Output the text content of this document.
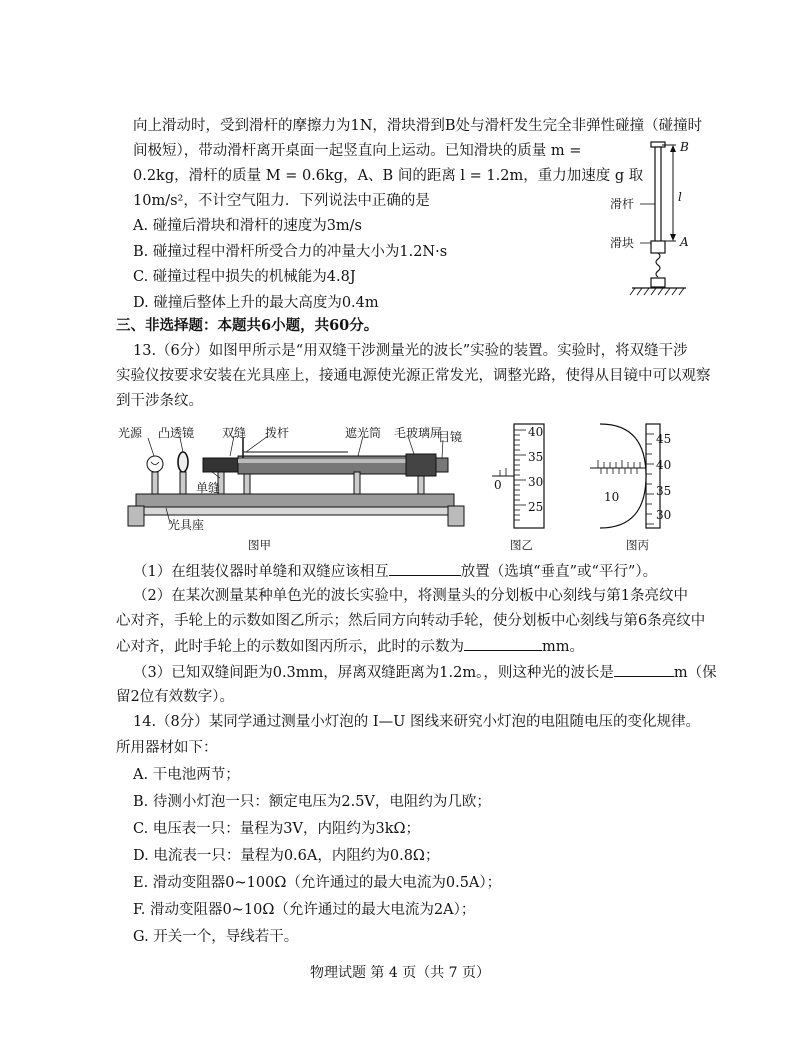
向上滑动时，受到滑杆的摩擦力为1N，滑块滑到B处与滑杆发生完全非弹性碰撞（碰撞时
间极短），带动滑杆离开桌面一起竖直向上运动。已知滑块的质量 m =
0.2kg，滑杆的质量 M = 0.6kg，A、B 间的距离 l = 1.2m，重力加速度 g 取
10m/s²，不计空气阻力．下列说法中正确的是
A. 碰撞后滑块和滑杆的速度为3m/s
B. 碰撞过程中滑杆所受合力的冲量大小为1.2N·s
C. 碰撞过程中损失的机械能为4.8J
D. 碰撞后整体上升的最大高度为0.4m
B
A
l
滑杆
滑块
三、非选择题：本题共6小题，共60分。
13.（6分）如图甲所示是“用双缝干涉测量光的波长”实验的装置。实验时，将双缝干涉
实验仪按要求安装在光具座上，接通电源使光源正常发光，调整光路，使得从目镜中可以观察
到干涉条纹。
光源 凸透镜 双缝 拨杆	遮光筒 毛玻璃屏
目镜
单缝
光具座
图甲
40
35
30
25
0
图乙
45
40
35
30
10
图丙
（1）在组装仪器时单缝和双缝应该相互	放置（选填“垂直”或“平行”）。
（2）在某次测量某种单色光的波长实验中，将测量头的分划板中心刻线与第1条亮纹中
心对齐，手轮上的示数如图乙所示；然后同方向转动手轮，使分划板中心刻线与第6条亮纹中
心对齐，此时手轮上的示数如图丙所示，此时的示数为	mm。
（3）已知双缝间距为0.3mm，屏离双缝距离为1.2m。，则这种光的波长是	m（保
留2位有效数字）。
14.（8分）某同学通过测量小灯泡的 I—U 图线来研究小灯泡的电阻随电压的变化规律。
所用器材如下：
A. 干电池两节；
B. 待测小灯泡一只：额定电压为2.5V，电阻约为几欧；
C. 电压表一只：量程为3V，内阻约为3kΩ；
D. 电流表一只：量程为0.6A，内阻约为0.8Ω；
E. 滑动变阻器0~100Ω（允许通过的最大电流为0.5A）；
F. 滑动变阻器0~10Ω（允许通过的最大电流为2A）；
G. 开关一个，导线若干。
物理试题 第 4 页（共 7 页）
